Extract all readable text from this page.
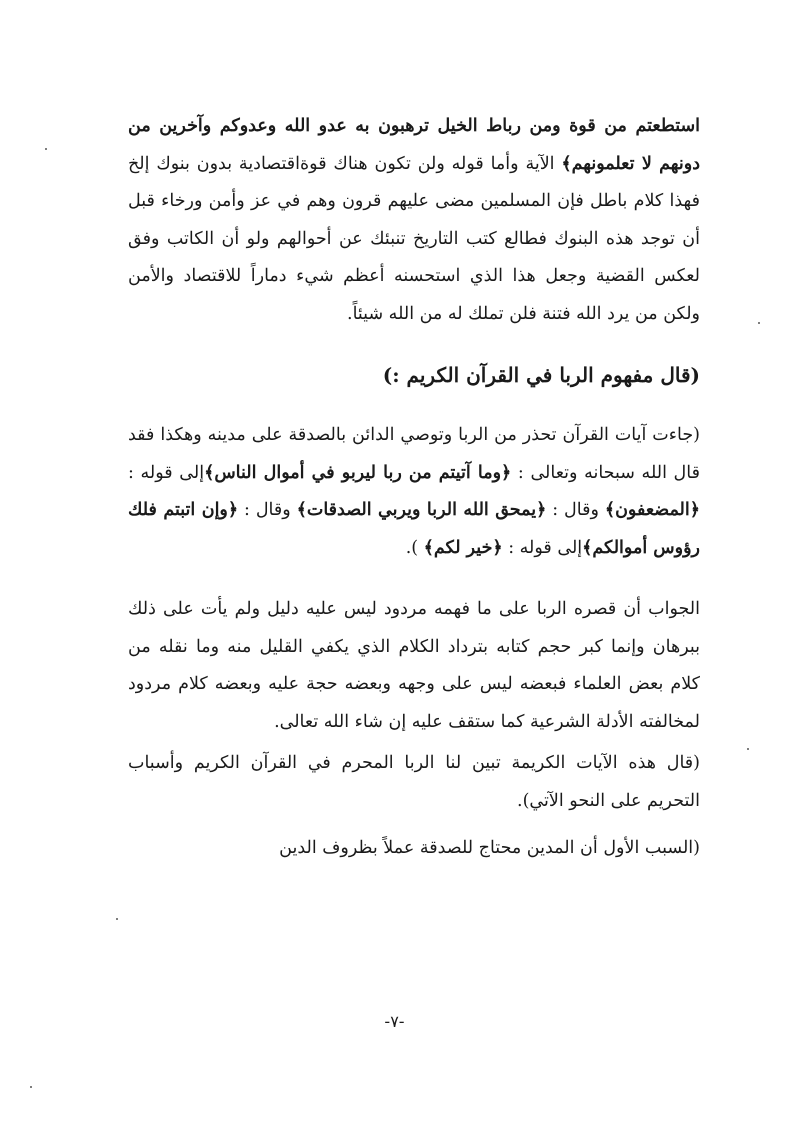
استطعتم من قوة ومن رباط الخيل ترهبون به عدو الله وعدوكم وآخرين من دونهم لا تعلمونهم﴾ الآية وأما قوله ولن تكون هناك قوةاقتصادية بدون بنوك إلخ فهذا كلام باطل فإن المسلمين مضى عليهم قرون وهم في عز وأمن ورخاء قبل أن توجد هذه البنوك فطالع كتب التاريخ تنبئك عن أحوالهم ولو أن الكاتب وفق لعكس القضية وجعل هذا الذي استحسنه أعظم شيء دماراً للاقتصاد والأمن ولكن من يرد الله فتنة فلن تملك له من الله شيئاً.

(قال مفهوم الربا في القرآن الكريم :)

(جاءت آيات القرآن تحذر من الربا وتوصي الدائن بالصدقة على مدينه وهكذا فقد قال الله سبحانه وتعالى : ﴿وما آتيتم من ربا ليربو في أموال الناس﴾إلى قوله : ﴿المضعفون﴾ وقال : ﴿يمحق الله الربا ويربي الصدقات﴾ وقال : ﴿وإن اتبتم فلك رؤوس أموالكم﴾إلى قوله : ﴿خير لكم﴾ ).

الجواب أن قصره الربا على ما فهمه مردود ليس عليه دليل ولم يأت على ذلك ببرهان وإنما كبر حجم كتابه بترداد الكلام الذي يكفي القليل منه وما نقله من كلام بعض العلماء فبعضه ليس على وجهه وبعضه حجة عليه وبعضه كلام مردود لمخالفته الأدلة الشرعية كما ستقف عليه إن شاء الله تعالى.

(قال هذه الآيات الكريمة تبين لنا الربا المحرم في القرآن الكريم وأسباب التحريم على النحو الآتي).

(السبب الأول أن المدين محتاج للصدقة عملاً بظروف الدين

-٧-
